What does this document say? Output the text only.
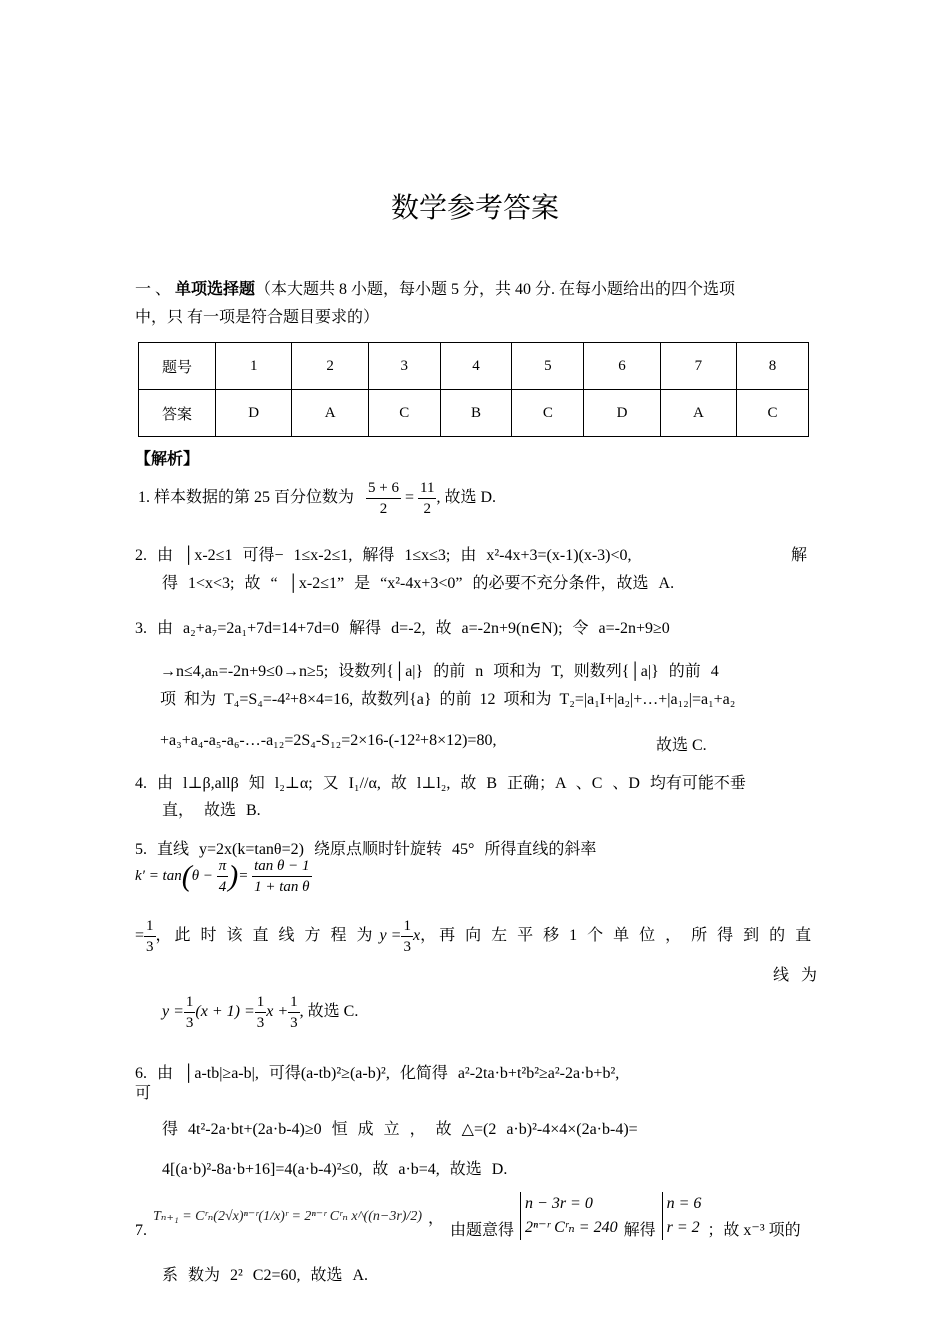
数学参考答案
一 、 单项选择题（本大题共 8 小题，每小题 5 分，共 40 分. 在每小题给出的四个选项
中，只 有一项是符合题目要求的）
题号	1	2	3	4	5	6	7	8
答案	D	A	C	B	C	D	A	C
【解析】
1. 样本数据的第 25 百分位数为 $\frac{5 + 6}{2} = \frac{11}{2}$ , 故选 D.
2. 由 │x-2≤1 可得− 1≤x-2≤1, 解得 1≤x≤3; 由 x²-4x+3=(x-1)(x-3)<0,	解
得 1<x<3; 故 “ │x-2≤1” 是 “x²-4x+3<0” 的必要不充分条件，故选 A.
3. 由 a₂+a₇=2a₁+7d=14+7d=0 解得 d=-2, 故 a=-2n+9(n∈N); 令 a=-2n+9≥0
→n≤4,aₙ=-2n+9≤0→n≥5; 设数列{│a|} 的前 n 项和为 T, 则数列{│a|} 的前 4
项 和为 T₄=S₄=-4²+8×4=16, 故数列{a} 的前 12 项和为 T₂=|a₁I+|a₂|+…+|a₁₂|=a₁+a₂
+a₃+a₄-a₅-a₆-…-a₁₂=2S₄-S₁₂=2×16-(-12²+8×12)=80,	故选 C.
4. 由 l⊥β,allβ 知 l₂⊥α; 又 I₁//α, 故 l⊥l₂, 故 B 正确；A 、C 、D 均有可能不垂
直， 故选 B.
5. 直线 y=2x(k=tanθ=2) 绕原点顺时针旋转 45° 所得直线的斜率
$k' = \tan(\theta - \frac{\pi}{4}$ )= $\frac{\text{tan θ − 1}}{\text{1 + tan θ}}$
= $\frac{1}{3}$ ，此 时 该 直 线 方 程 为 $y = \frac{1}{3}$ x，再 向 左 平 移 1 个 单 位 ， 所 得 到 的 直
线 为
$y = \frac{1}{3} (x + 1) = \frac{1}{3}$ $x + \frac{1}{3}$ , 故选 C.
6. 由 │a-tb|≥a-b|, 可得(a-tb)²≥(a-b)², 化简得 a²-2ta·b+t²b²≥a²-2a·b+b²,
可
得 4t²-2a·bt+(2a·b-4)≥0 恒 成 立 ， 故 △=(2 a·b)²-4×4×(2a·b-4)=
4[(a·b)²-8a·b+16]=4(a·b-4)²≤0, 故 a·b=4, 故选 D.
7.
Tₙ₊₁ = Cʳₙ(2√x)ⁿ⁻ʳ(1/x)ʳ = 2ⁿ⁻ʳ Cʳₙ x^((n−3r)/2) ，
由题意得
n − 3r = 0
2ⁿ⁻ʳ Cʳₙ = 240 解得
n = 6
r = 2 ；故 x⁻³ 项的
系 数为 2² C2=60, 故选 A.
